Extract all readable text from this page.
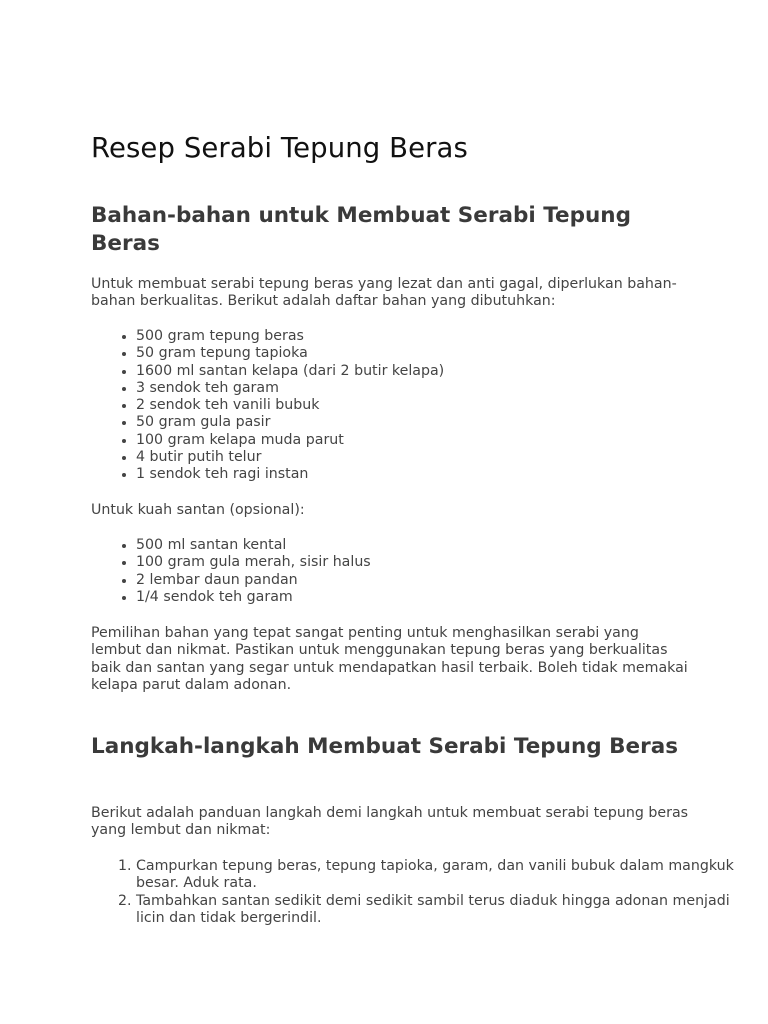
Resep Serabi Tepung Beras
Bahan-bahan untuk Membuat Serabi Tepung Beras

Untuk membuat serabi tepung beras yang lezat dan anti gagal, diperlukan bahan-bahan berkualitas. Berikut adalah daftar bahan yang dibutuhkan:

• 500 gram tepung beras
• 50 gram tepung tapioka
• 1600 ml santan kelapa (dari 2 butir kelapa)
• 3 sendok teh garam
• 2 sendok teh vanili bubuk
• 50 gram gula pasir
• 100 gram kelapa muda parut
• 4 butir putih telur
• 1 sendok teh ragi instan

Untuk kuah santan (opsional):

• 500 ml santan kental
• 100 gram gula merah, sisir halus
• 2 lembar daun pandan
• 1/4 sendok teh garam

Pemilihan bahan yang tepat sangat penting untuk menghasilkan serabi yang lembut dan nikmat. Pastikan untuk menggunakan tepung beras yang berkualitas baik dan santan yang segar untuk mendapatkan hasil terbaik. Boleh tidak memakai kelapa parut dalam adonan.

Langkah-langkah Membuat Serabi Tepung Beras

Berikut adalah panduan langkah demi langkah untuk membuat serabi tepung beras yang lembut dan nikmat:

1. Campurkan tepung beras, tepung tapioka, garam, dan vanili bubuk dalam mangkuk besar. Aduk rata.
2. Tambahkan santan sedikit demi sedikit sambil terus diaduk hingga adonan menjadi licin dan tidak bergerindil.
